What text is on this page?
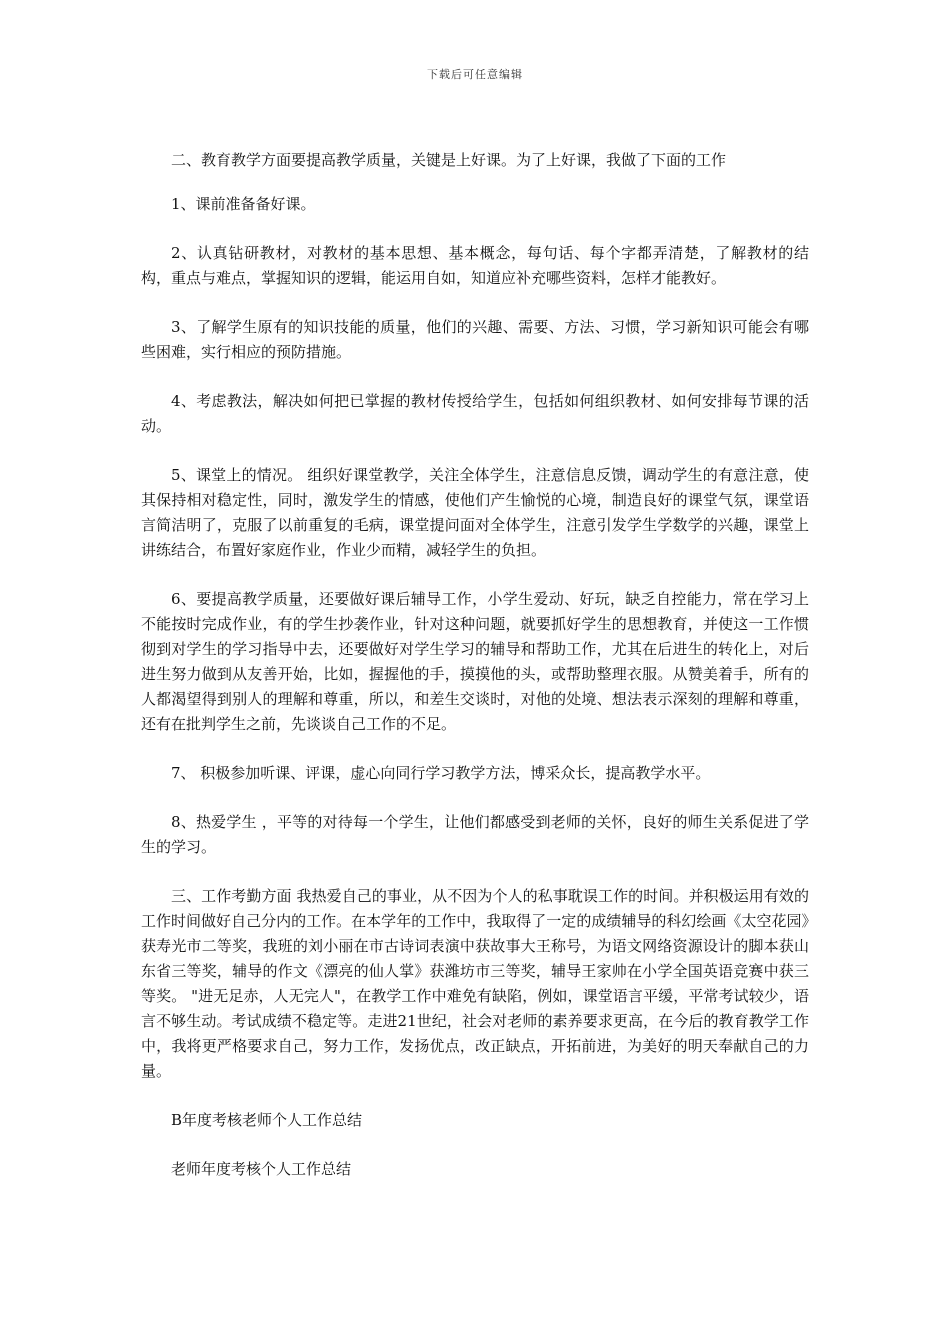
下载后可任意编辑

二、教育教学方面要提高教学质量，关键是上好课。为了上好课，我做了下面的工作

1、课前准备备好课。

2、认真钻研教材，对教材的基本思想、基本概念，每句话、每个字都弄清楚，了解教材的结构，重点与难点，掌握知识的逻辑，能运用自如，知道应补充哪些资料，怎样才能教好。

3、了解学生原有的知识技能的质量，他们的兴趣、需要、方法、习惯，学习新知识可能会有哪些困难，实行相应的预防措施。

4、考虑教法，解决如何把已掌握的教材传授给学生，包括如何组织教材、如何安排每节课的活动。

5、课堂上的情况。 组织好课堂教学，关注全体学生，注意信息反馈，调动学生的有意注意，使其保持相对稳定性，同时，激发学生的情感，使他们产生愉悦的心境，制造良好的课堂气氛，课堂语言简洁明了，克服了以前重复的毛病，课堂提问面对全体学生，注意引发学生学数学的兴趣，课堂上讲练结合，布置好家庭作业，作业少而精，减轻学生的负担。

6、要提高教学质量，还要做好课后辅导工作，小学生爱动、好玩，缺乏自控能力，常在学习上不能按时完成作业，有的学生抄袭作业，针对这种问题，就要抓好学生的思想教育，并使这一工作惯彻到对学生的学习指导中去，还要做好对学生学习的辅导和帮助工作，尤其在后进生的转化上，对后进生努力做到从友善开始，比如，握握他的手，摸摸他的头，或帮助整理衣服。从赞美着手，所有的人都渴望得到别人的理解和尊重，所以，和差生交谈时，对他的处境、想法表示深刻的理解和尊重，还有在批判学生之前，先谈谈自己工作的不足。

7、 积极参加听课、评课，虚心向同行学习教学方法，博采众长，提高教学水平。

8、热爱学生 ，平等的对待每一个学生，让他们都感受到老师的关怀，良好的师生关系促进了学生的学习。

三、工作考勤方面 我热爱自己的事业，从不因为个人的私事耽误工作的时间。并积极运用有效的工作时间做好自己分内的工作。在本学年的工作中，我取得了一定的成绩辅导的科幻绘画《太空花园》获寿光市二等奖，我班的刘小丽在市古诗词表演中获故事大王称号，为语文网络资源设计的脚本获山东省三等奖，辅导的作文《漂亮的仙人掌》获潍坊市三等奖，辅导王家帅在小学全国英语竞赛中获三等奖。 "进无足赤，人无完人"，在教学工作中难免有缺陷，例如，课堂语言平缓，平常考试较少，语言不够生动。考试成绩不稳定等。走进21世纪，社会对老师的素养要求更高，在今后的教育教学工作中，我将更严格要求自己，努力工作，发扬优点，改正缺点，开拓前进，为美好的明天奉献自己的力量。

B年度考核老师个人工作总结

老师年度考核个人工作总结
